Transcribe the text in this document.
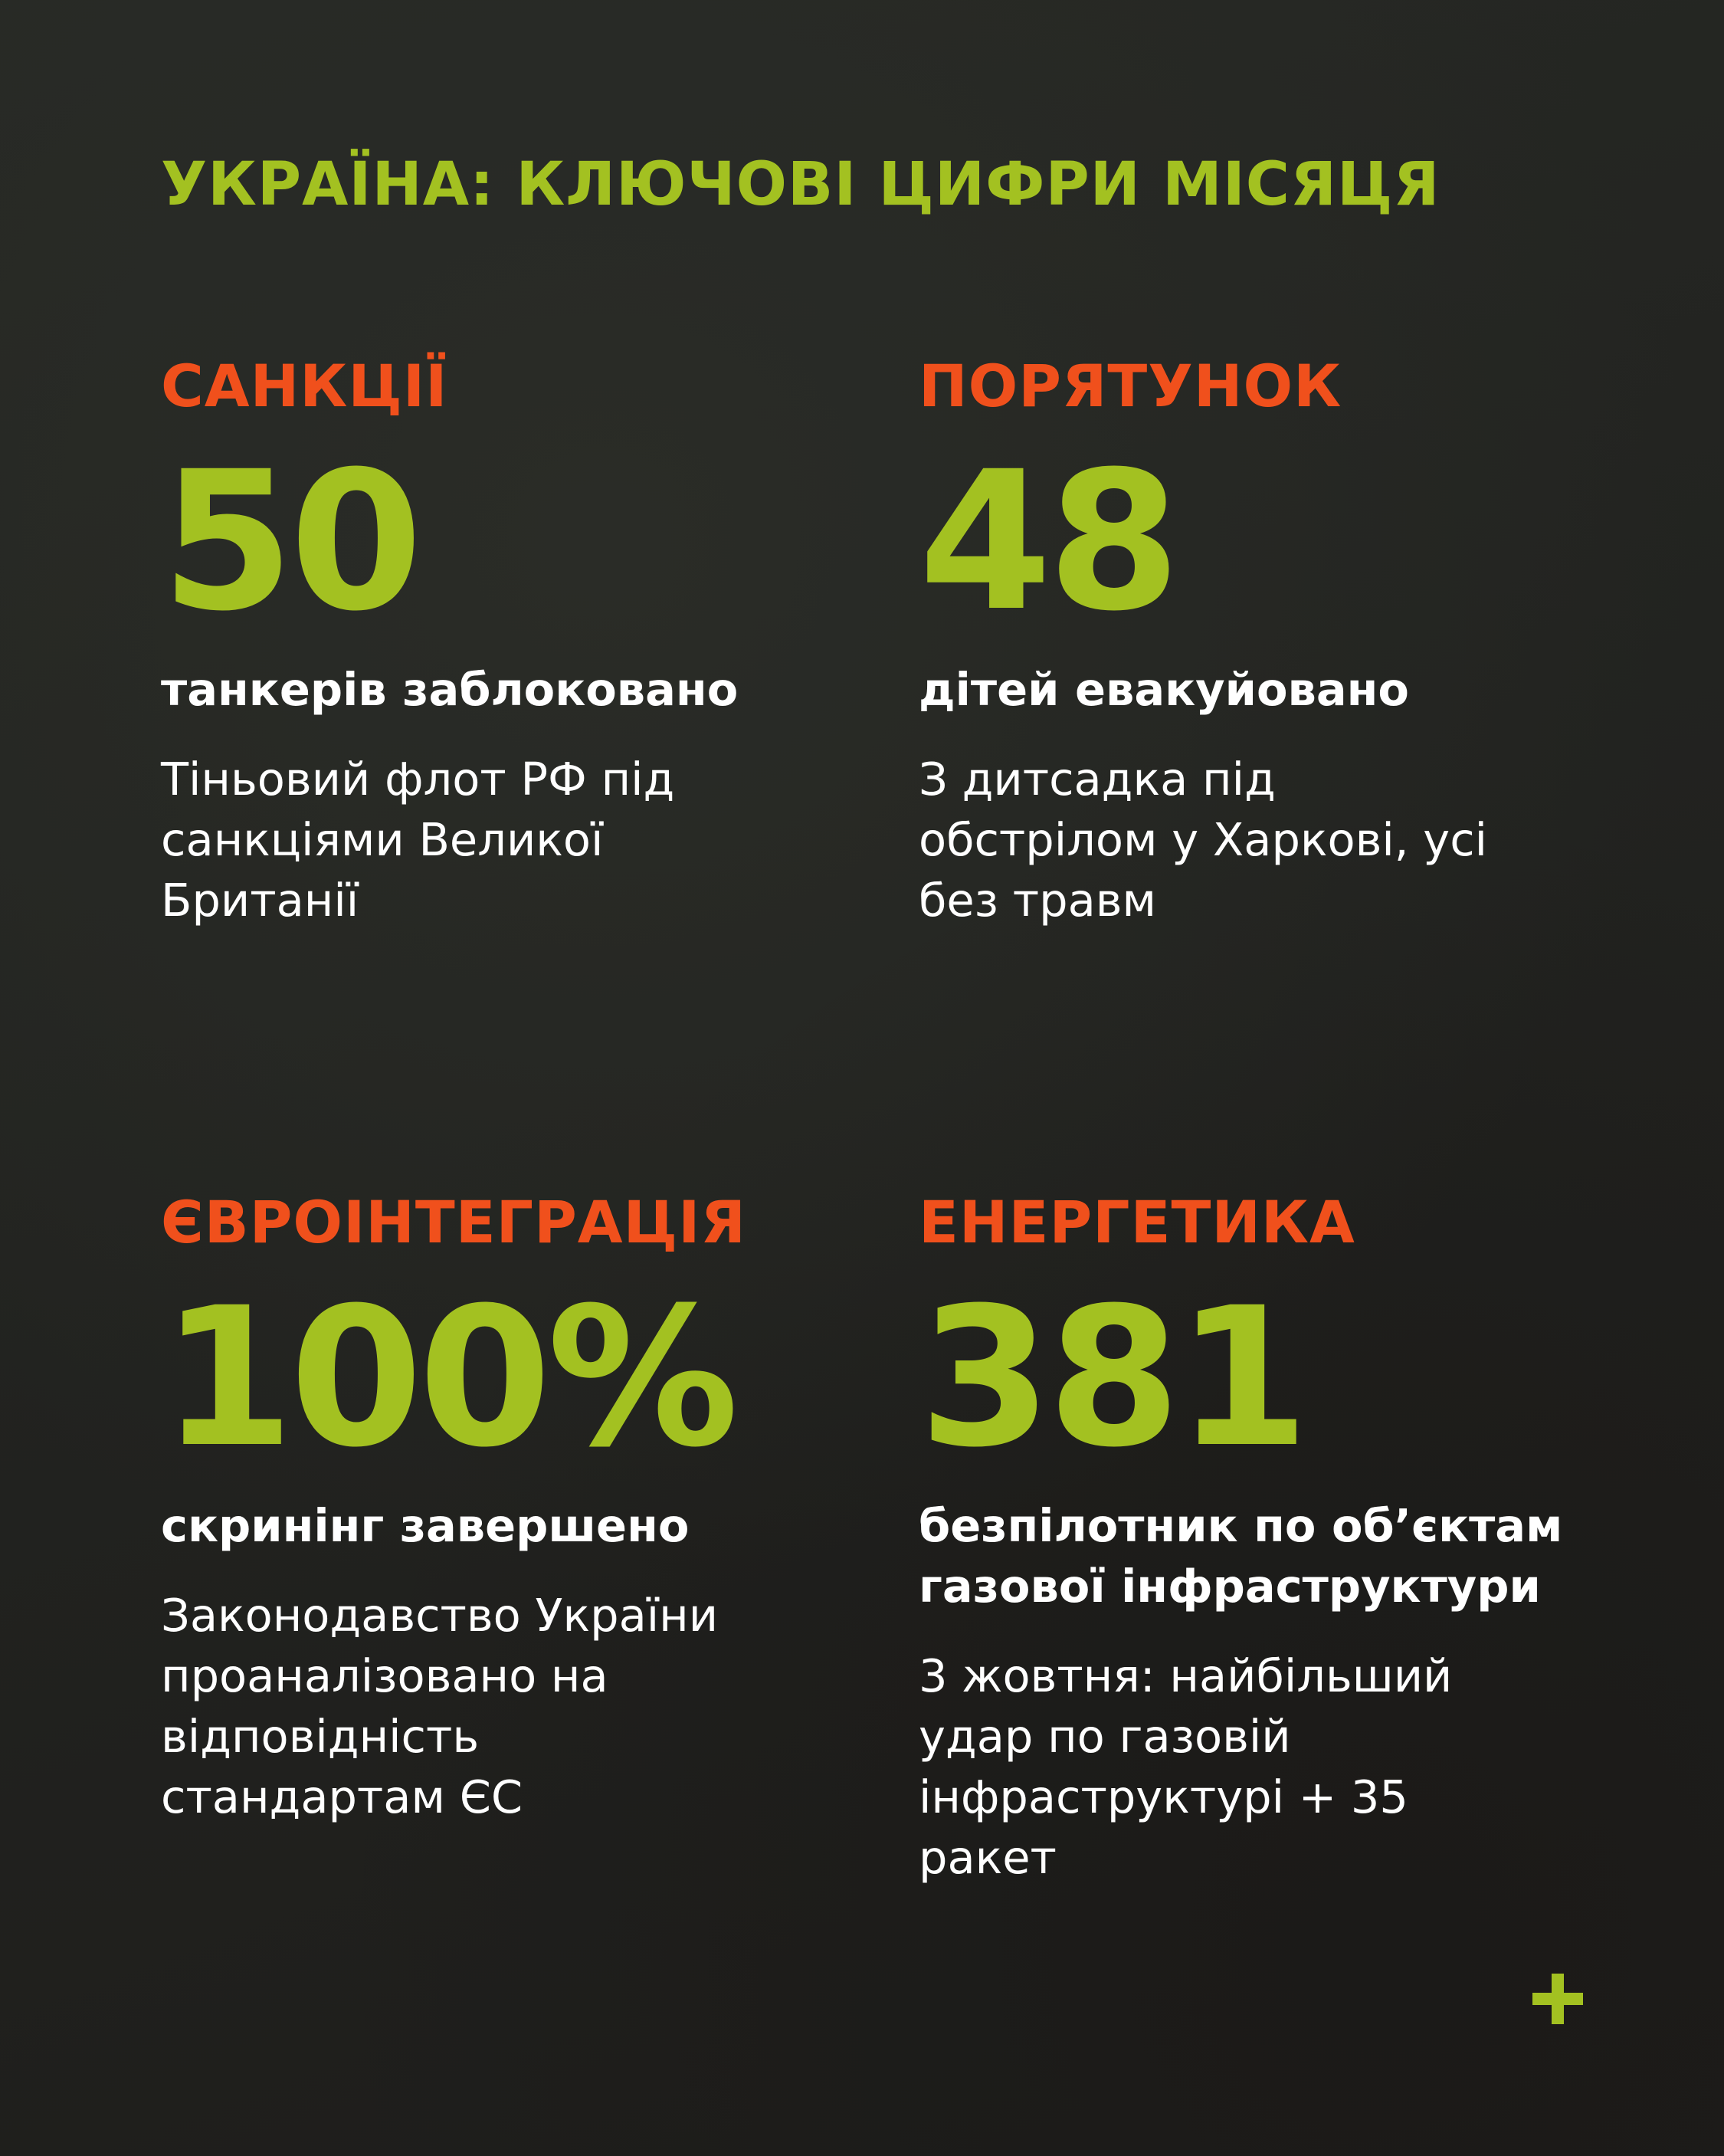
УКРАЇНА: КЛЮЧОВІ ЦИФРИ МІСЯЦЯ
САНКЦІЇ
50
танкерів заблоковано
Тіньовий флот РФ під санкціями Великої Британії
ПОРЯТУНОК
48
дітей евакуйовано
З дитсадка під обстрілом у Харкові, усі без травм
ЄВРОІНТЕГРАЦІЯ
100%
скринінг завершено
Законодавство України проаналізовано на відповідність стандартам ЄС
ЕНЕРГЕТИКА
381
безпілотник по об’єктам газової інфраструктури
3 жовтня: найбільший удар по газовій інфраструктурі + 35 ракет
